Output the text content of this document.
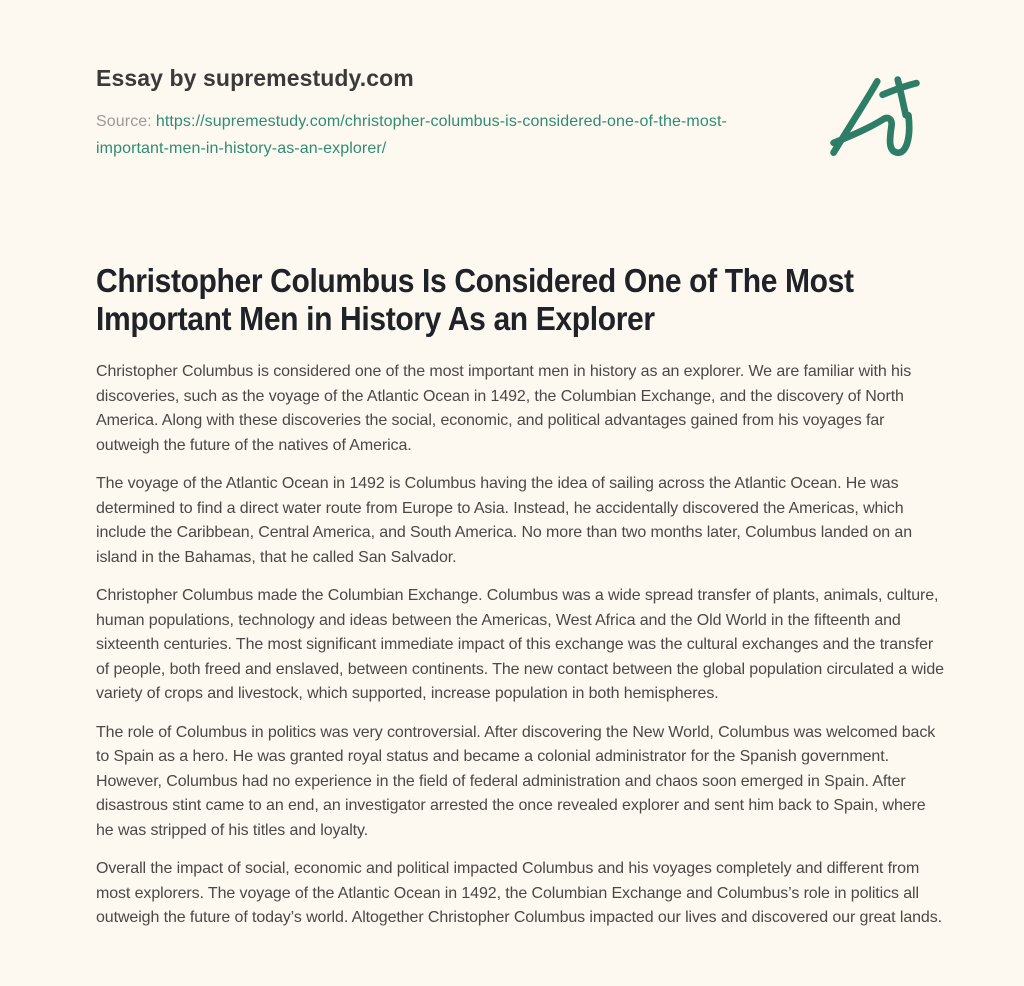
Essay by supremestudy.com

Source: https://supremestudy.com/christopher-columbus-is-considered-one-of-the-most-important-men-in-history-as-an-explorer/

Christopher Columbus Is Considered One of The Most Important Men in History As an Explorer

Christopher Columbus is considered one of the most important men in history as an explorer. We are familiar with his discoveries, such as the voyage of the Atlantic Ocean in 1492, the Columbian Exchange, and the discovery of North America. Along with these discoveries the social, economic, and political advantages gained from his voyages far outweigh the future of the natives of America.

The voyage of the Atlantic Ocean in 1492 is Columbus having the idea of sailing across the Atlantic Ocean. He was determined to find a direct water route from Europe to Asia. Instead, he accidentally discovered the Americas, which include the Caribbean, Central America, and South America. No more than two months later, Columbus landed on an island in the Bahamas, that he called San Salvador.

Christopher Columbus made the Columbian Exchange. Columbus was a wide spread transfer of plants, animals, culture, human populations, technology and ideas between the Americas, West Africa and the Old World in the fifteenth and sixteenth centuries. The most significant immediate impact of this exchange was the cultural exchanges and the transfer of people, both freed and enslaved, between continents. The new contact between the global population circulated a wide variety of crops and livestock, which supported, increase population in both hemispheres.

The role of Columbus in politics was very controversial. After discovering the New World, Columbus was welcomed back to Spain as a hero. He was granted royal status and became a colonial administrator for the Spanish government. However, Columbus had no experience in the field of federal administration and chaos soon emerged in Spain. After disastrous stint came to an end, an investigator arrested the once revealed explorer and sent him back to Spain, where he was stripped of his titles and loyalty.

Overall the impact of social, economic and political impacted Columbus and his voyages completely and different from most explorers. The voyage of the Atlantic Ocean in 1492, the Columbian Exchange and Columbus’s role in politics all outweigh the future of today’s world. Altogether Christopher Columbus impacted our lives and discovered our great lands.
